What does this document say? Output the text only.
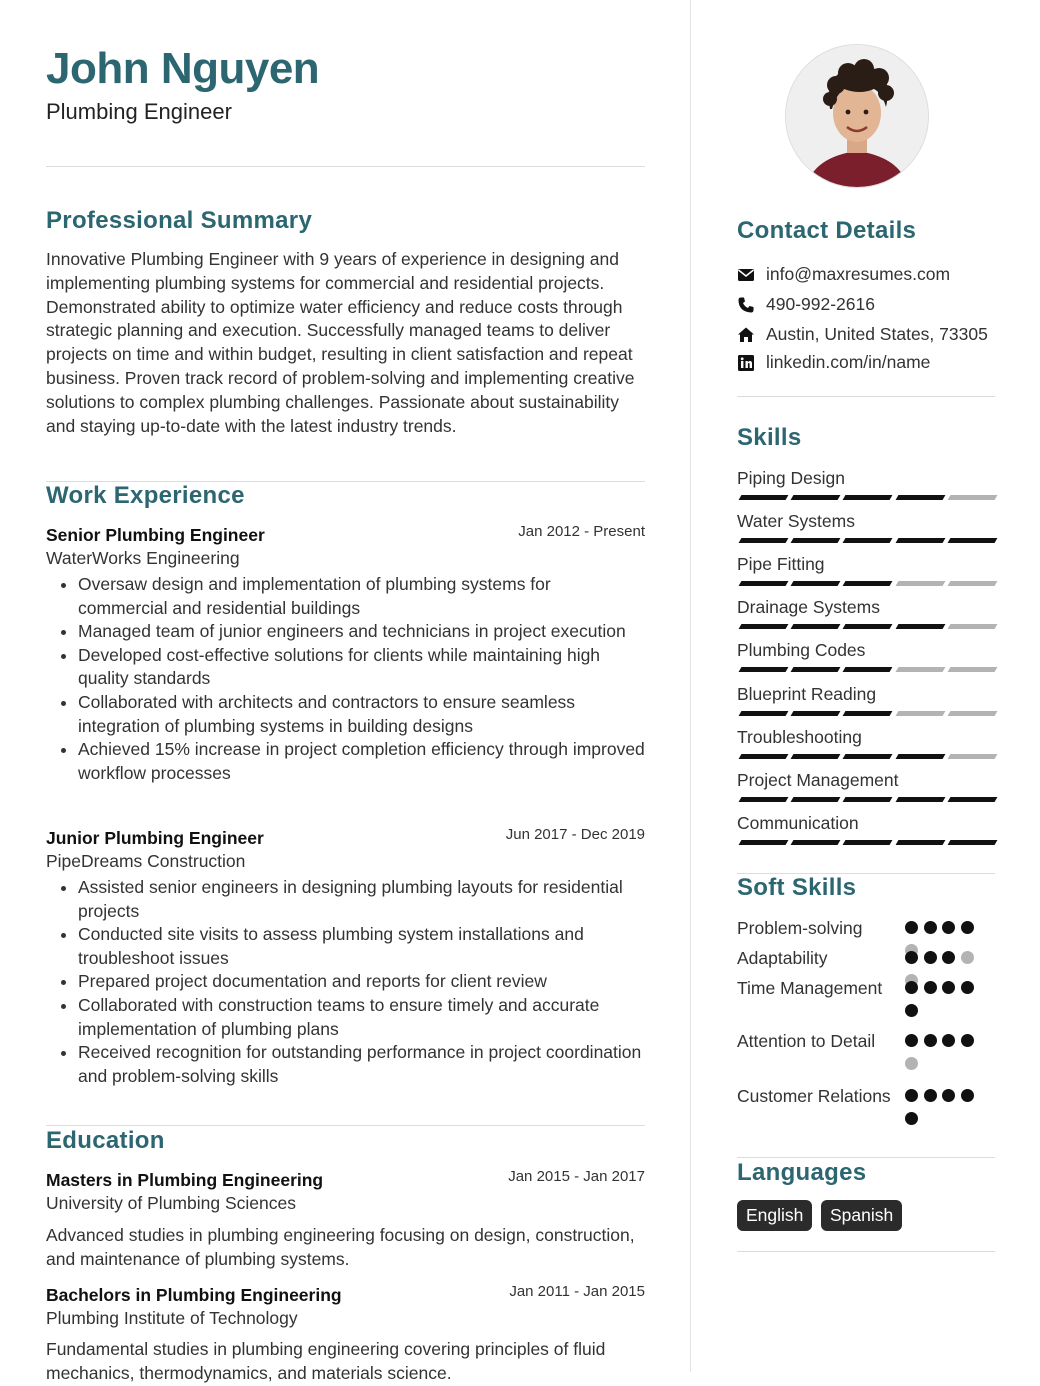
John Nguyen
Plumbing Engineer
Professional Summary
Innovative Plumbing Engineer with 9 years of experience in designing and implementing plumbing systems for commercial and residential projects. Demonstrated ability to optimize water efficiency and reduce costs through strategic planning and execution. Successfully managed teams to deliver projects on time and within budget, resulting in client satisfaction and repeat business. Proven track record of problem-solving and implementing creative solutions to complex plumbing challenges. Passionate about sustainability and staying up-to-date with the latest industry trends.
Work Experience
Senior Plumbing Engineer	Jan 2012 - Present
WaterWorks Engineering
• Oversaw design and implementation of plumbing systems for commercial and residential buildings
• Managed team of junior engineers and technicians in project execution
• Developed cost-effective solutions for clients while maintaining high quality standards
• Collaborated with architects and contractors to ensure seamless integration of plumbing systems in building designs
• Achieved 15% increase in project completion efficiency through improved workflow processes
Junior Plumbing Engineer	Jun 2017 - Dec 2019
PipeDreams Construction
• Assisted senior engineers in designing plumbing layouts for residential projects
• Conducted site visits to assess plumbing system installations and troubleshoot issues
• Prepared project documentation and reports for client review
• Collaborated with construction teams to ensure timely and accurate implementation of plumbing plans
• Received recognition for outstanding performance in project coordination and problem-solving skills
Education
Masters in Plumbing Engineering	Jan 2015 - Jan 2017
University of Plumbing Sciences
Advanced studies in plumbing engineering focusing on design, construction, and maintenance of plumbing systems.
Bachelors in Plumbing Engineering	Jan 2011 - Jan 2015
Plumbing Institute of Technology
Fundamental studies in plumbing engineering covering principles of fluid mechanics, thermodynamics, and materials science.
Contact Details
info@maxresumes.com
490-992-2616
Austin, United States, 73305
linkedin.com/in/name
Skills
Piping Design
Water Systems
Pipe Fitting
Drainage Systems
Plumbing Codes
Blueprint Reading
Troubleshooting
Project Management
Communication
Soft Skills
Problem-solving
Adaptability
Time Management
Attention to Detail
Customer Relations
Languages
English	Spanish
